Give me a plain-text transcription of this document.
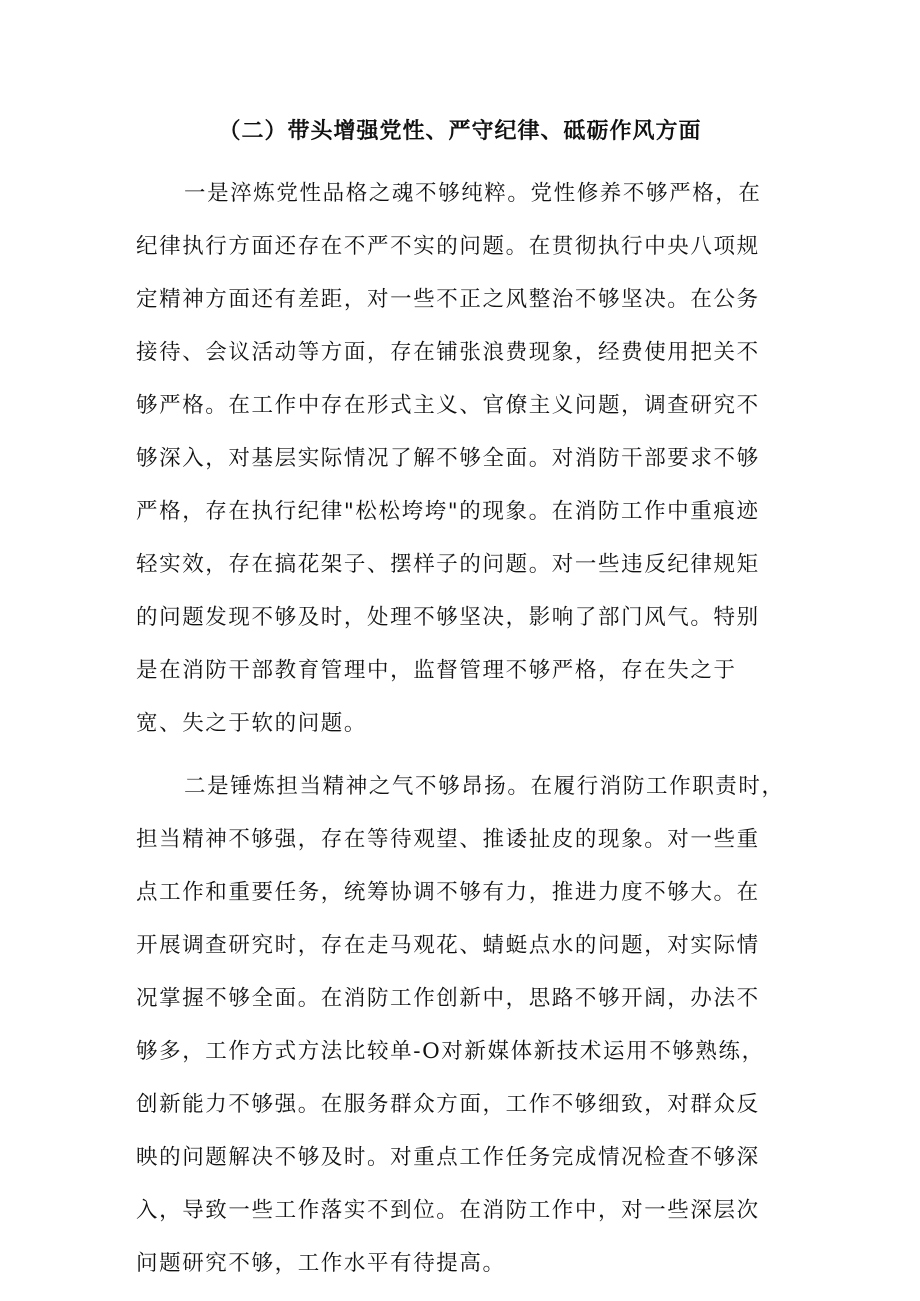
（二）带头增强党性、严守纪律、砥砺作风方面
一是淬炼党性品格之魂不够纯粹。党性修养不够严格，在
纪律执行方面还存在不严不实的问题。在贯彻执行中央八项规
定精神方面还有差距，对一些不正之风整治不够坚决。在公务
接待、会议活动等方面，存在铺张浪费现象，经费使用把关不
够严格。在工作中存在形式主义、官僚主义问题，调查研究不
够深入，对基层实际情况了解不够全面。对消防干部要求不够
严格，存在执行纪律"松松垮垮"的现象。在消防工作中重痕迹
轻实效，存在搞花架子、摆样子的问题。对一些违反纪律规矩
的问题发现不够及时，处理不够坚决，影响了部门风气。特别
是在消防干部教育管理中，监督管理不够严格，存在失之于
宽、失之于软的问题。
二是锤炼担当精神之气不够昂扬。在履行消防工作职责时，
担当精神不够强，存在等待观望、推诿扯皮的现象。对一些重
点工作和重要任务，统筹协调不够有力，推进力度不够大。在
开展调查研究时，存在走马观花、蜻蜓点水的问题，对实际情
况掌握不够全面。在消防工作创新中，思路不够开阔，办法不
够多，工作方式方法比较单-O对新媒体新技术运用不够熟练，
创新能力不够强。在服务群众方面，工作不够细致，对群众反
映的问题解决不够及时。对重点工作任务完成情况检查不够深
入，导致一些工作落实不到位。在消防工作中，对一些深层次
问题研究不够，工作水平有待提高。
